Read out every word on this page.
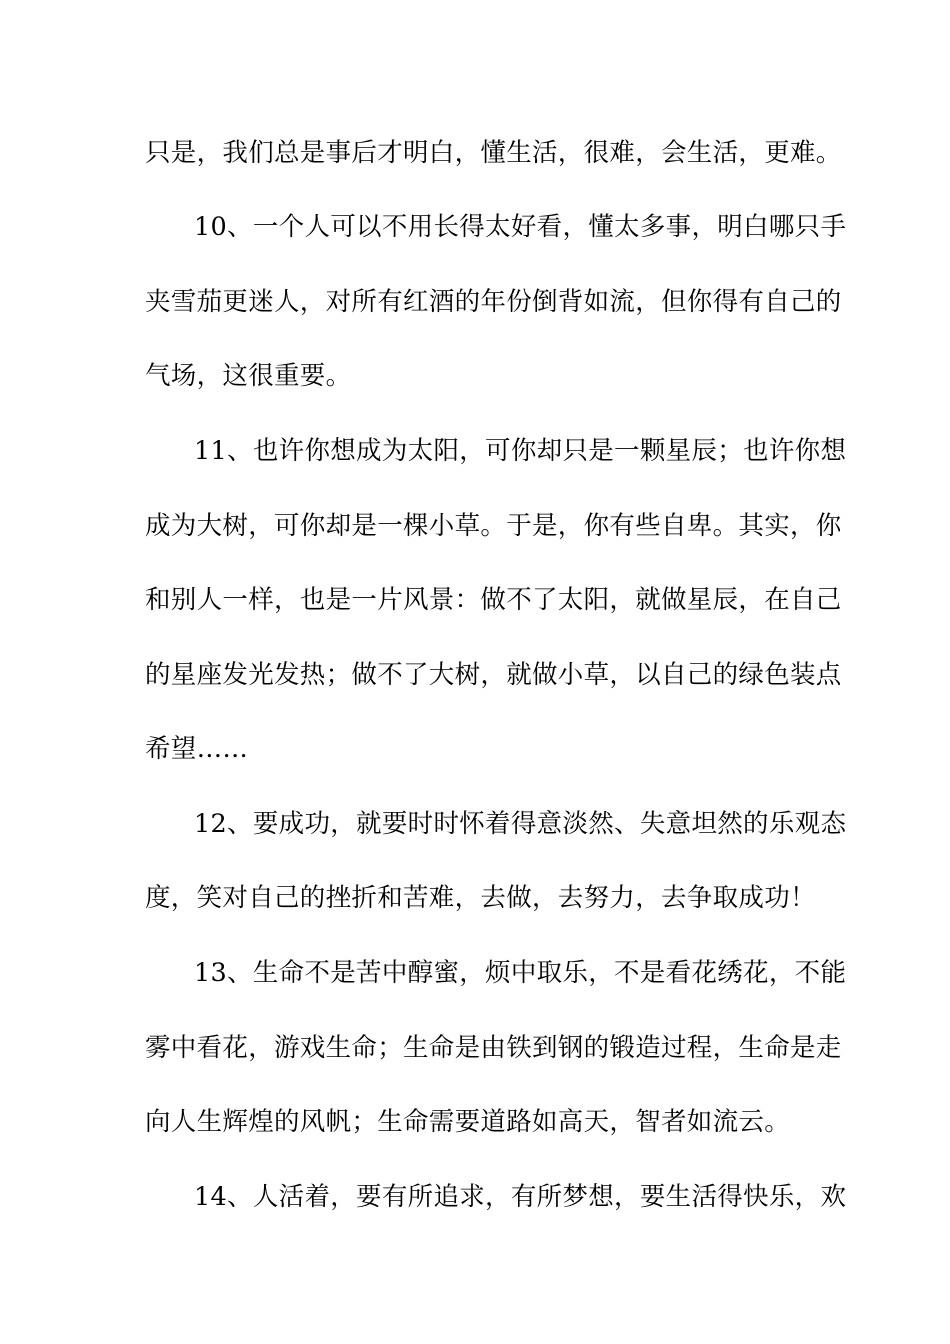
只是，我们总是事后才明白，懂生活，很难，会生活，更难。
10、一个人可以不用长得太好看，懂太多事，明白哪只手
夹雪茄更迷人，对所有红酒的年份倒背如流，但你得有自己的
气场，这很重要。
11、也许你想成为太阳，可你却只是一颗星辰；也许你想
成为大树，可你却是一棵小草。于是，你有些自卑。其实，你
和别人一样，也是一片风景：做不了太阳，就做星辰，在自己
的星座发光发热；做不了大树，就做小草，以自己的绿色装点
希望……
12、要成功，就要时时怀着得意淡然、失意坦然的乐观态
度，笑对自己的挫折和苦难，去做，去努力，去争取成功！
13、生命不是苦中醇蜜，烦中取乐，不是看花绣花，不能
雾中看花，游戏生命；生命是由铁到钢的锻造过程，生命是走
向人生辉煌的风帆；生命需要道路如高天，智者如流云。
14、人活着，要有所追求，有所梦想，要生活得快乐，欢
